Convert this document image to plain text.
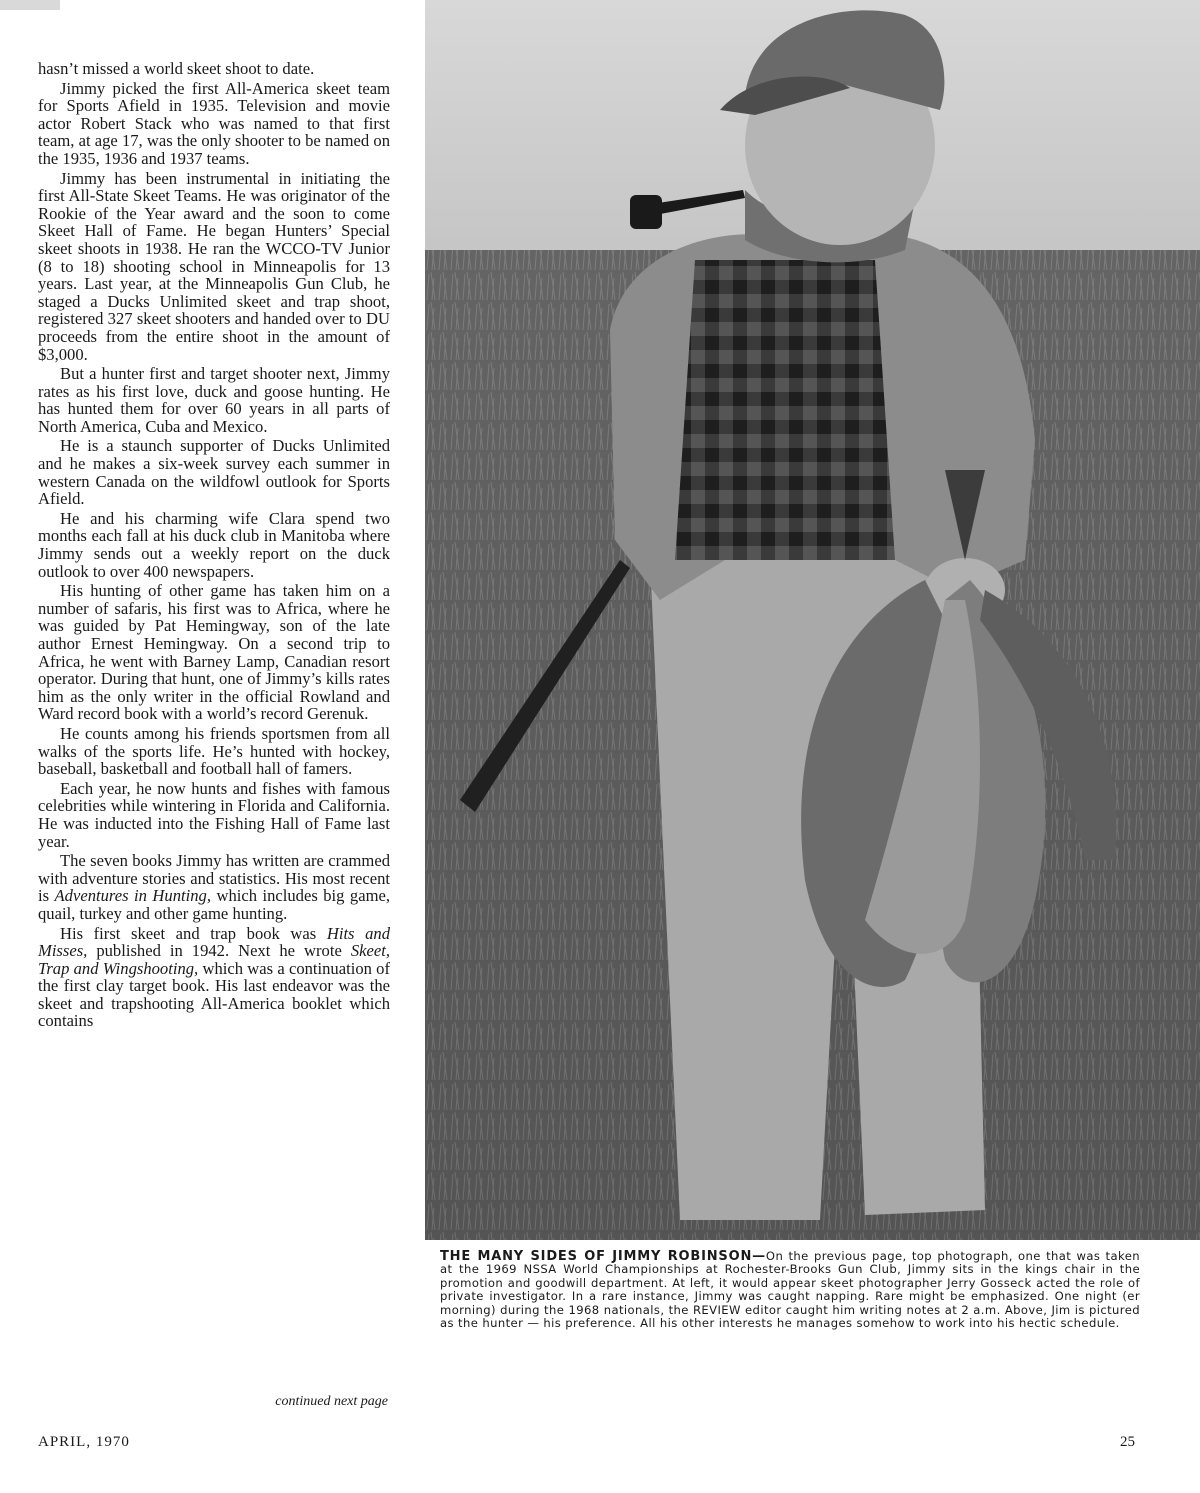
hasn’t missed a world skeet shoot to date.

Jimmy picked the first All-America skeet team for Sports Afield in 1935. Television and movie actor Robert Stack who was named to that first team, at age 17, was the only shooter to be named on the 1935, 1936 and 1937 teams.

Jimmy has been instrumental in initiating the first All-State Skeet Teams. He was originator of the Rookie of the Year award and the soon to come Skeet Hall of Fame. He began Hunters’ Special skeet shoots in 1938. He ran the WCCO-TV Junior (8 to 18) shooting school in Minneapolis for 13 years. Last year, at the Minneapolis Gun Club, he staged a Ducks Unlimited skeet and trap shoot, registered 327 skeet shooters and handed over to DU proceeds from the entire shoot in the amount of $3,000.

But a hunter first and target shooter next, Jimmy rates as his first love, duck and goose hunting. He has hunted them for over 60 years in all parts of North America, Cuba and Mexico.

He is a staunch supporter of Ducks Unlimited and he makes a six-week survey each summer in western Canada on the wildfowl outlook for Sports Afield.

He and his charming wife Clara spend two months each fall at his duck club in Manitoba where Jimmy sends out a weekly report on the duck outlook to over 400 newspapers.

His hunting of other game has taken him on a number of safaris, his first was to Africa, where he was guided by Pat Hemingway, son of the late author Ernest Hemingway. On a second trip to Africa, he went with Barney Lamp, Canadian resort operator. During that hunt, one of Jimmy’s kills rates him as the only writer in the official Rowland and Ward record book with a world’s record Gerenuk.

He counts among his friends sportsmen from all walks of the sports life. He’s hunted with hockey, baseball, basketball and football hall of famers.

Each year, he now hunts and fishes with famous celebrities while wintering in Florida and California. He was inducted into the Fishing Hall of Fame last year.

The seven books Jimmy has written are crammed with adventure stories and statistics. His most recent is Adventures in Hunting, which includes big game, quail, turkey and other game hunting.

His first skeet and trap book was Hits and Misses, published in 1942. Next he wrote Skeet, Trap and Wingshooting, which was a continuation of the first clay target book. His last endeavor was the skeet and trapshooting All-America booklet which contains

continued next page
THE MANY SIDES OF JIMMY ROBINSON—On the previous page, top photograph, one that was taken at the 1969 NSSA World Championships at Rochester-Brooks Gun Club, Jimmy sits in the kings chair in the promotion and goodwill department. At left, it would appear skeet photographer Jerry Gosseck acted the role of private investigator. In a rare instance, Jimmy was caught napping. Rare might be emphasized. One night (er morning) during the 1968 nationals, the REVIEW editor caught him writing notes at 2 a.m. Above, Jim is pictured as the hunter — his preference. All his other interests he manages somehow to work into his hectic schedule.
APRIL, 1970	25
